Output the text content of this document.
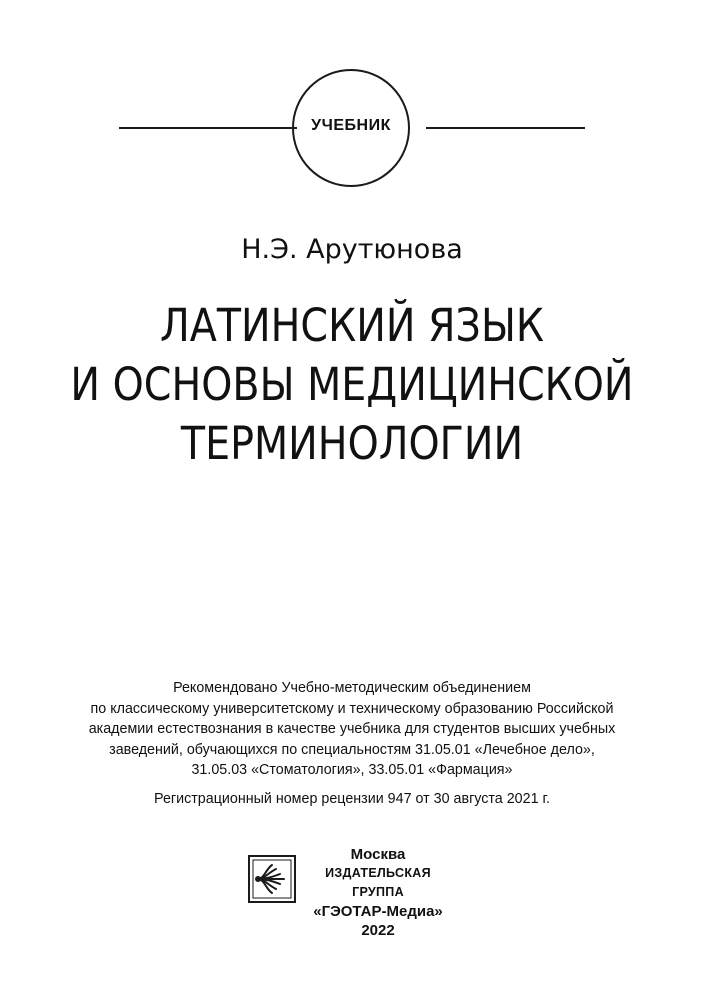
УЧЕБНИК
Н.Э. Арутюнова
ЛАТИНСКИЙ ЯЗЫК
И ОСНОВЫ МЕДИЦИНСКОЙ
ТЕРМИНОЛОГИИ
Рекомендовано Учебно-методическим объединением
по классическому университетскому и техническому образованию Российской
академии естествознания в качестве учебника для студентов высших учебных
заведений, обучающихся по специальностям 31.05.01 «Лечебное дело»,
31.05.03 «Стоматология», 33.05.01 «Фармация»
Регистрационный номер рецензии 947 от 30 августа 2021 г.
Москва
ИЗДАТЕЛЬСКАЯ ГРУППА
«ГЭОТАР-Медиа»
2022
